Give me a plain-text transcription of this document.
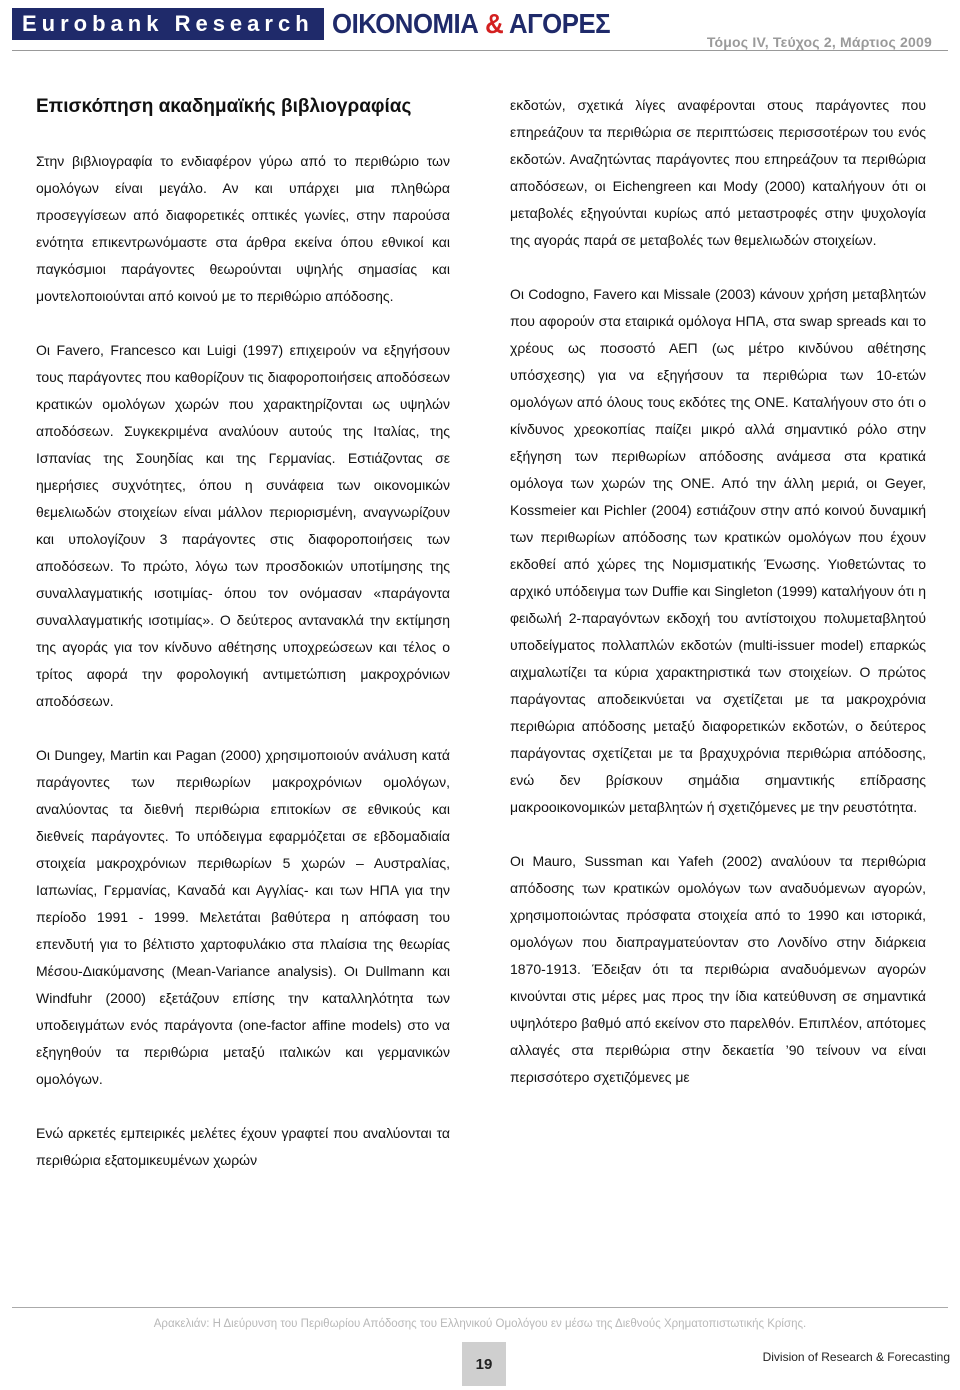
Eurobank Research ΟΙΚΟΝΟΜΙΑ & ΑΓΟΡΕΣ
Τόμος IV, Τεύχος 2, Μάρτιος 2009
Επισκόπηση ακαδημαϊκής βιβλιογραφίας

Στην βιβλιογραφία το ενδιαφέρον γύρω από το περιθώριο των ομολόγων είναι μεγάλο. Αν και υπάρχει μια πληθώρα προσεγγίσεων από διαφορετικές οπτικές γωνίες, στην παρούσα ενότητα επικεντρωνόμαστε στα άρθρα εκείνα όπου εθνικοί και παγκόσμιοι παράγοντες θεωρούνται υψηλής σημασίας και μοντελοποιούνται από κοινού με το περιθώριο απόδοσης.

Οι Favero, Francesco και Luigi (1997) επιχειρούν να εξηγήσουν τους παράγοντες που καθορίζουν τις διαφοροποιήσεις αποδόσεων κρατικών ομολόγων χωρών που χαρακτηρίζονται ως υψηλών αποδόσεων. Συγκεκριμένα αναλύουν αυτούς της Ιταλίας, της Ισπανίας της Σουηδίας και της Γερμανίας. Εστιάζοντας σε ημερήσιες συχνότητες, όπου η συνάφεια των οικονομικών θεμελιωδών στοιχείων είναι μάλλον περιορισμένη, αναγνωρίζουν και υπολογίζουν 3 παράγοντες στις διαφοροποιήσεις των αποδόσεων. Το πρώτο, λόγω των προσδοκιών υποτίμησης της συναλλαγματικής ισοτιμίας- όπου τον ονόμασαν «παράγοντα συναλλαγματικής ισοτιμίας». Ο δεύτερος αντανακλά την εκτίμηση της αγοράς για τον κίνδυνο αθέτησης υποχρεώσεων και τέλος ο τρίτος αφορά την φορολογική αντιμετώπιση μακροχρόνιων αποδόσεων.

Οι Dungey, Martin και Pagan (2000) χρησιμοποιούν ανάλυση κατά παράγοντες των περιθωρίων μακροχρόνιων ομολόγων, αναλύοντας τα διεθνή περιθώρια επιτοκίων σε εθνικούς και διεθνείς παράγοντες. Το υπόδειγμα εφαρμόζεται σε εβδομαδιαία στοιχεία μακροχρόνιων περιθωρίων 5 χωρών – Αυστραλίας, Ιαπωνίας, Γερμανίας, Καναδά και Αγγλίας- και των ΗΠΑ για την περίοδο 1991 - 1999. Μελετάται βαθύτερα η απόφαση του επενδυτή για το βέλτιστο χαρτοφυλάκιο στα πλαίσια της θεωρίας Μέσου-Διακύμανσης (Mean-Variance analysis). Οι Dullmann και Windfuhr (2000) εξετάζουν επίσης την καταλληλότητα των υποδειγμάτων ενός παράγοντα (one-factor affine models) στο να εξηγηθούν τα περιθώρια μεταξύ ιταλικών και γερμανικών ομολόγων.

Ενώ αρκετές εμπειρικές μελέτες έχουν γραφτεί που αναλύονται τα περιθώρια εξατομικευμένων χωρών

εκδοτών, σχετικά λίγες αναφέρονται στους παράγοντες που επηρεάζουν τα περιθώρια σε περιπτώσεις περισσοτέρων του ενός εκδοτών. Αναζητώντας παράγοντες που επηρεάζουν τα περιθώρια αποδόσεων, οι Eichengreen και Mody (2000) καταλήγουν ότι οι μεταβολές εξηγούνται κυρίως από μεταστροφές στην ψυχολογία της αγοράς παρά σε μεταβολές των θεμελιωδών στοιχείων.

Οι Codogno, Favero και Missale (2003) κάνουν χρήση μεταβλητών που αφορούν στα εταιρικά ομόλογα ΗΠΑ, στα swap spreads και το χρέους ως ποσοστό ΑΕΠ (ως μέτρο κινδύνου αθέτησης υπόσχεσης) για να εξηγήσουν τα περιθώρια των 10-ετών ομολόγων από όλους τους εκδότες της ΟΝΕ. Καταλήγουν στο ότι ο κίνδυνος χρεοκοπίας παίζει μικρό αλλά σημαντικό ρόλο στην εξήγηση των περιθωρίων απόδοσης ανάμεσα στα κρατικά ομόλογα των χωρών της ΟΝΕ. Από την άλλη μεριά, οι Geyer, Kossmeier και Pichler (2004) εστιάζουν στην από κοινού δυναμική των περιθωρίων απόδοσης των κρατικών ομολόγων που έχουν εκδοθεί από χώρες της Νομισματικής Ένωσης. Υιοθετώντας το αρχικό υπόδειγμα των Duffie και Singleton (1999) καταλήγουν ότι η φειδωλή 2-παραγόντων εκδοχή του αντίστοιχου πολυμεταβλητού υποδείγματος πολλαπλών εκδοτών (multi-issuer model) επαρκώς αιχμαλωτίζει τα κύρια χαρακτηριστικά των στοιχείων. Ο πρώτος παράγοντας αποδεικνύεται να σχετίζεται με τα μακροχρόνια περιθώρια απόδοσης μεταξύ διαφορετικών εκδοτών, ο δεύτερος παράγοντας σχετίζεται με τα βραχυχρόνια περιθώρια απόδοσης, ενώ δεν βρίσκουν σημάδια σημαντικής επίδρασης μακροοικονομικών μεταβλητών ή σχετιζόμενες με την ρευστότητα.

Οι Mauro, Sussman και Yafeh (2002) αναλύουν τα περιθώρια απόδοσης των κρατικών ομολόγων των αναδυόμενων αγορών, χρησιμοποιώντας πρόσφατα στοιχεία από το 1990 και ιστορικά, ομολόγων που διαπραγματεύονταν στο Λονδίνο στην διάρκεια 1870-1913. Έδειξαν ότι τα περιθώρια αναδυόμενων αγορών κινούνται στις μέρες μας προς την ίδια κατεύθυνση σε σημαντικά υψηλότερο βαθμό από εκείνον στο παρελθόν. Επιπλέον, απότομες αλλαγές στα περιθώρια στην δεκαετία ’90 τείνουν να είναι περισσότερο σχετιζόμενες με

Αρακελιάν: Η Διεύρυνση του Περιθωρίου Απόδοσης του Ελληνικού Ομολόγου εν μέσω της Διεθνούς Χρηματοπιστωτικής Κρίσης.
19	Division of Research & Forecasting
